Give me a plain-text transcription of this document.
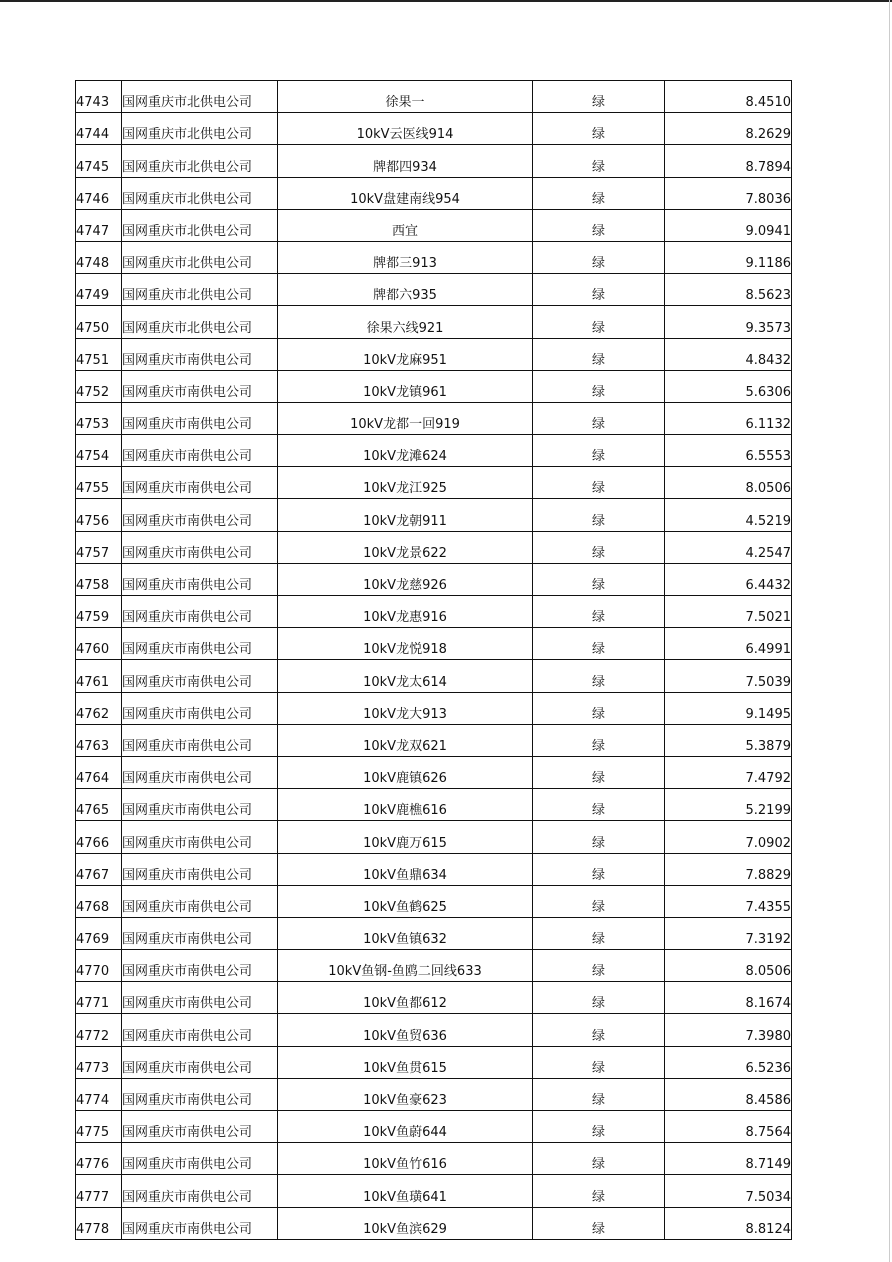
4743	国网重庆市北供电公司	徐果一	绿	8.4510
4744	国网重庆市北供电公司	10kV云医线914	绿	8.2629
4745	国网重庆市北供电公司	牌都四934	绿	8.7894
4746	国网重庆市北供电公司	10kV盘建南线954	绿	7.8036
4747	国网重庆市北供电公司	西宜	绿	9.0941
4748	国网重庆市北供电公司	牌都三913	绿	9.1186
4749	国网重庆市北供电公司	牌都六935	绿	8.5623
4750	国网重庆市北供电公司	徐果六线921	绿	9.3573
4751	国网重庆市南供电公司	10kV龙麻951	绿	4.8432
4752	国网重庆市南供电公司	10kV龙镇961	绿	5.6306
4753	国网重庆市南供电公司	10kV龙都一回919	绿	6.1132
4754	国网重庆市南供电公司	10kV龙滩624	绿	6.5553
4755	国网重庆市南供电公司	10kV龙江925	绿	8.0506
4756	国网重庆市南供电公司	10kV龙朝911	绿	4.5219
4757	国网重庆市南供电公司	10kV龙景622	绿	4.2547
4758	国网重庆市南供电公司	10kV龙慈926	绿	6.4432
4759	国网重庆市南供电公司	10kV龙惠916	绿	7.5021
4760	国网重庆市南供电公司	10kV龙悦918	绿	6.4991
4761	国网重庆市南供电公司	10kV龙太614	绿	7.5039
4762	国网重庆市南供电公司	10kV龙大913	绿	9.1495
4763	国网重庆市南供电公司	10kV龙双621	绿	5.3879
4764	国网重庆市南供电公司	10kV鹿镇626	绿	7.4792
4765	国网重庆市南供电公司	10kV鹿樵616	绿	5.2199
4766	国网重庆市南供电公司	10kV鹿万615	绿	7.0902
4767	国网重庆市南供电公司	10kV鱼鼎634	绿	7.8829
4768	国网重庆市南供电公司	10kV鱼鹤625	绿	7.4355
4769	国网重庆市南供电公司	10kV鱼镇632	绿	7.3192
4770	国网重庆市南供电公司	10kV鱼钢-鱼鸥二回线633	绿	8.0506
4771	国网重庆市南供电公司	10kV鱼都612	绿	8.1674
4772	国网重庆市南供电公司	10kV鱼贸636	绿	7.3980
4773	国网重庆市南供电公司	10kV鱼贯615	绿	6.5236
4774	国网重庆市南供电公司	10kV鱼豪623	绿	8.4586
4775	国网重庆市南供电公司	10kV鱼蔚644	绿	8.7564
4776	国网重庆市南供电公司	10kV鱼竹616	绿	8.7149
4777	国网重庆市南供电公司	10kV鱼璜641	绿	7.5034
4778	国网重庆市南供电公司	10kV鱼滨629	绿	8.8124
